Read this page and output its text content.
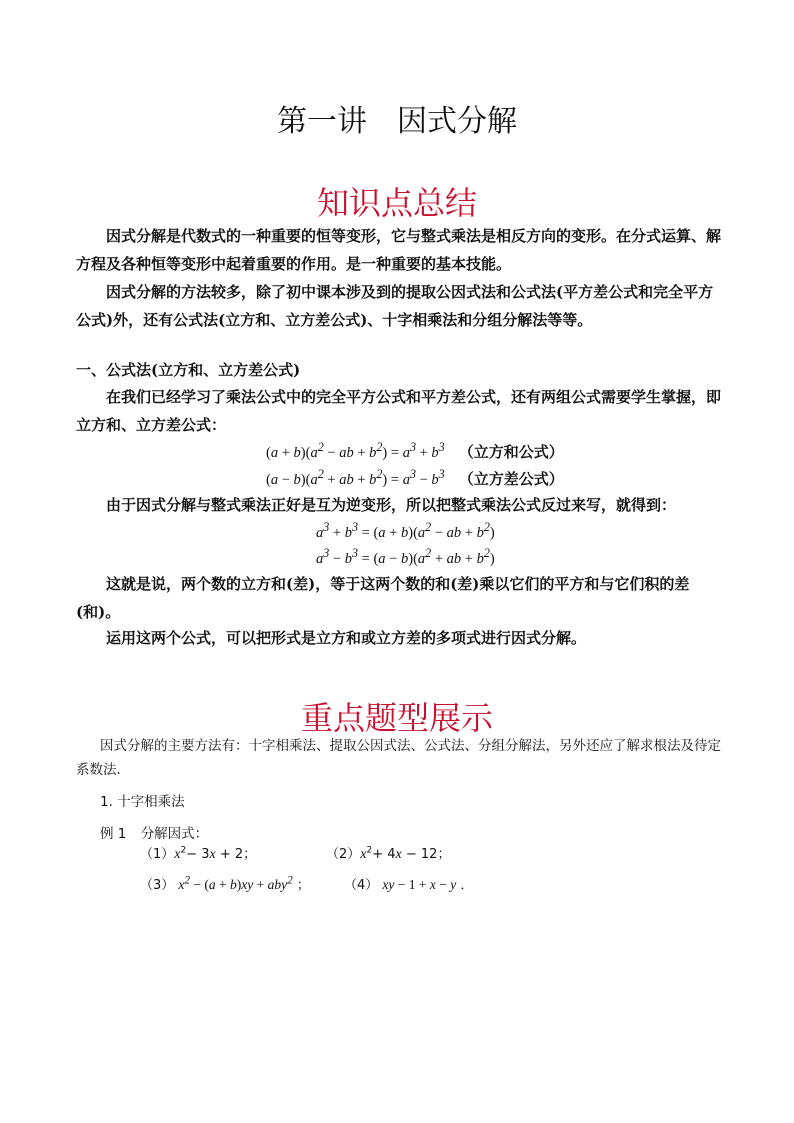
第一讲　因式分解
知识点总结

因式分解是代数式的一种重要的恒等变形，它与整式乘法是相反方向的变形。在分式运算、解方程及各种恒等变形中起着重要的作用。是一种重要的基本技能。

因式分解的方法较多，除了初中课本涉及到的提取公因式法和公式法(平方差公式和完全平方公式)外，还有公式法(立方和、立方差公式)、十字相乘法和分组分解法等等。

一、公式法(立方和、立方差公式)

在我们已经学习了乘法公式中的完全平方公式和平方差公式，还有两组公式需要学生掌握，即立方和、立方差公式：

$(a + b)(a^2$ − ab + $b^2) = a^3 + b^3$ （立方和公式）
$(a - b)(a^2$ + ab + $b^2) = a^3 - b^3$ （立方差公式）

由于因式分解与整式乘法正好是互为逆变形，所以把整式乘法公式反过来写，就得到：

$a^3 + b^3 = (a + b)(a^2$ − ab + $b^2$)
$a^3 - b^3 = (a - b)(a^2$ + ab + $b^2$)

这就是说，两个数的立方和(差)，等于这两个数的和(差)乘以它们的平方和与它们积的差(和)。

运用这两个公式，可以把形式是立方和或立方差的多项式进行因式分解。

重点题型展示

因式分解的主要方法有：十字相乘法、提取公因式法、公式法、分组分解法，另外还应了解求根法及待定系数法．

1. 十字相乘法
例 1 分解因式：
$(1)x^2- 3x + 2$；	$(2)x^2+ 4x - 12$；
（3） $x^2 - (a + b)xy + aby^2$ ；	（4） xy − 1 + x − y ．
